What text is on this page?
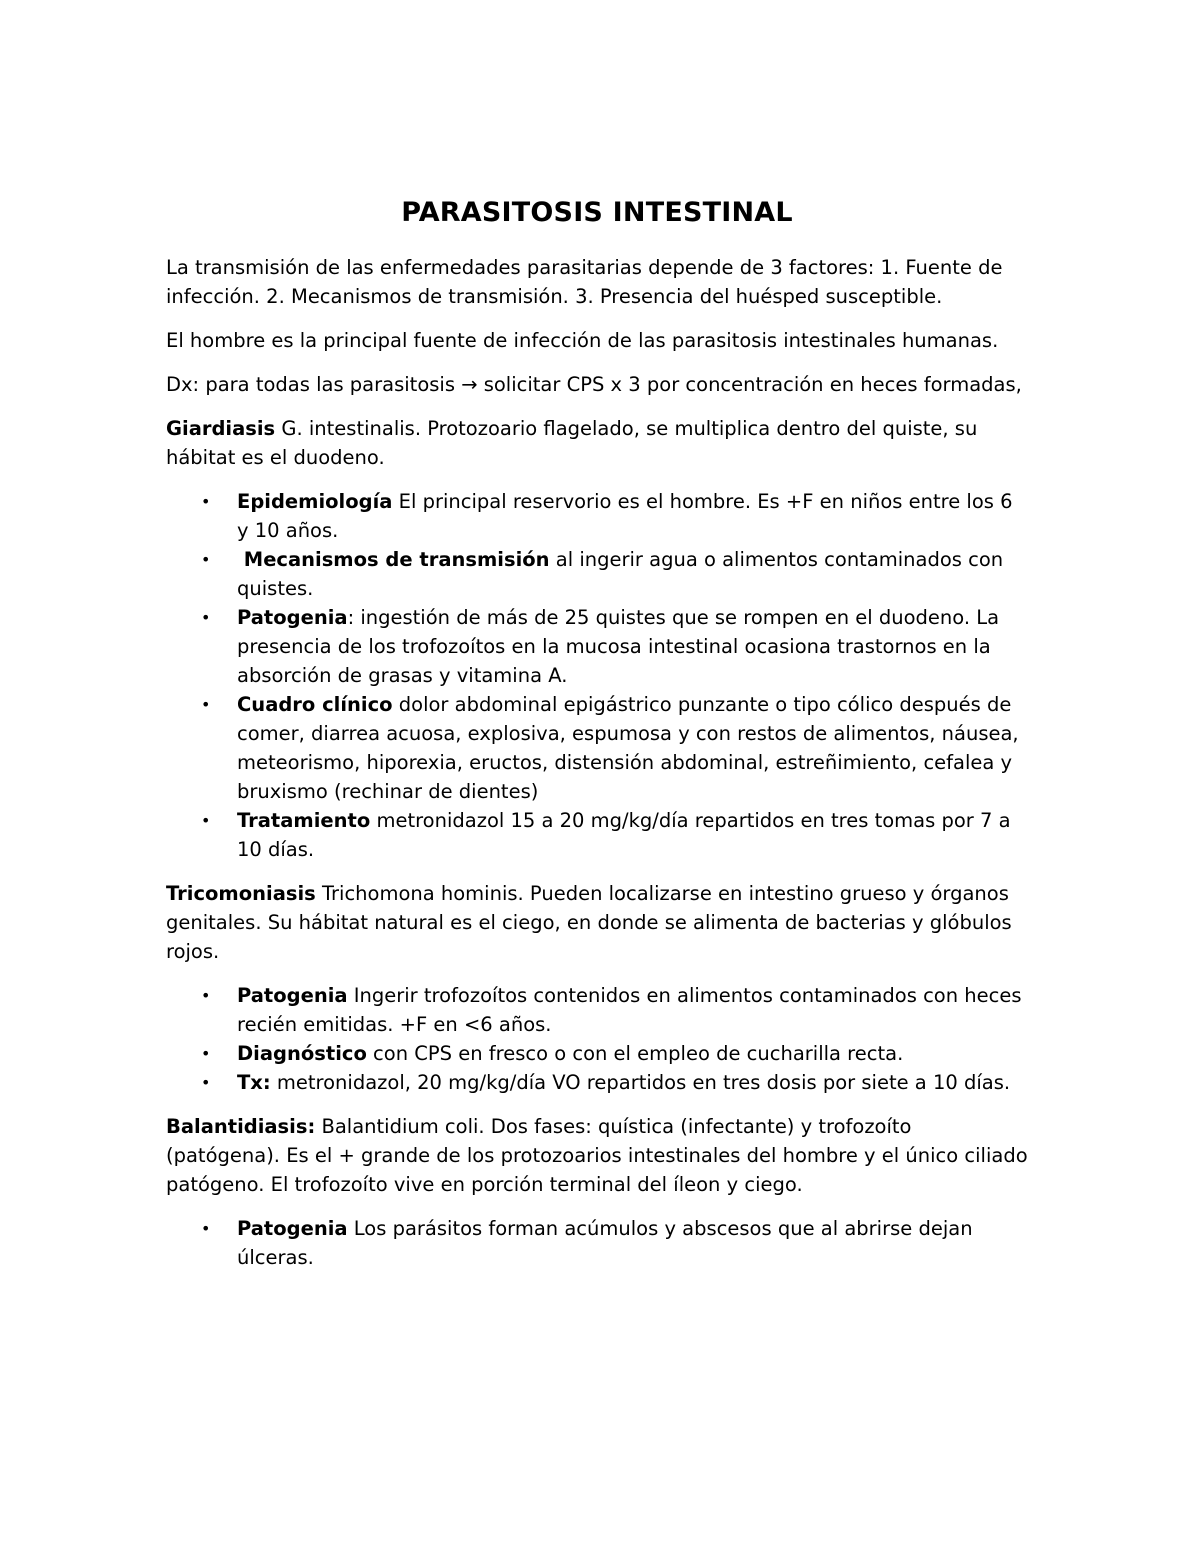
PARASITOSIS INTESTINAL

La transmisión de las enfermedades parasitarias depende de 3 factores: 1. Fuente de infección. 2. Mecanismos de transmisión. 3. Presencia del huésped susceptible.

El hombre es la principal fuente de infección de las parasitosis intestinales humanas.

Dx: para todas las parasitosis → solicitar CPS x 3 por concentración en heces formadas,

Giardiasis G. intestinalis. Protozoario flagelado, se multiplica dentro del quiste, su hábitat es el duodeno.

• Epidemiología El principal reservorio es el hombre. Es +F en niños entre los 6 y 10 años.
• Mecanismos de transmisión al ingerir agua o alimentos contaminados con quistes.
• Patogenia: ingestión de más de 25 quistes que se rompen en el duodeno. La presencia de los trofozoítos en la mucosa intestinal ocasiona trastornos en la absorción de grasas y vitamina A.
• Cuadro clínico dolor abdominal epigástrico punzante o tipo cólico después de comer, diarrea acuosa, explosiva, espumosa y con restos de alimentos, náusea, meteorismo, hiporexia, eructos, distensión abdominal, estreñimiento, cefalea y bruxismo (rechinar de dientes)
• Tratamiento metronidazol 15 a 20 mg/kg/día repartidos en tres tomas por 7 a 10 días.

Tricomoniasis Trichomona hominis. Pueden localizarse en intestino grueso y órganos genitales. Su hábitat natural es el ciego, en donde se alimenta de bacterias y glóbulos rojos.

• Patogenia Ingerir trofozoítos contenidos en alimentos contaminados con heces recién emitidas. +F en <6 años.
• Diagnóstico con CPS en fresco o con el empleo de cucharilla recta.
• Tx: metronidazol, 20 mg/kg/día VO repartidos en tres dosis por siete a 10 días.

Balantidiasis: Balantidium coli. Dos fases: quística (infectante) y trofozoíto (patógena). Es el + grande de los protozoarios intestinales del hombre y el único ciliado patógeno. El trofozoíto vive en porción terminal del íleon y ciego.

• Patogenia Los parásitos forman acúmulos y abscesos que al abrirse dejan úlceras.
